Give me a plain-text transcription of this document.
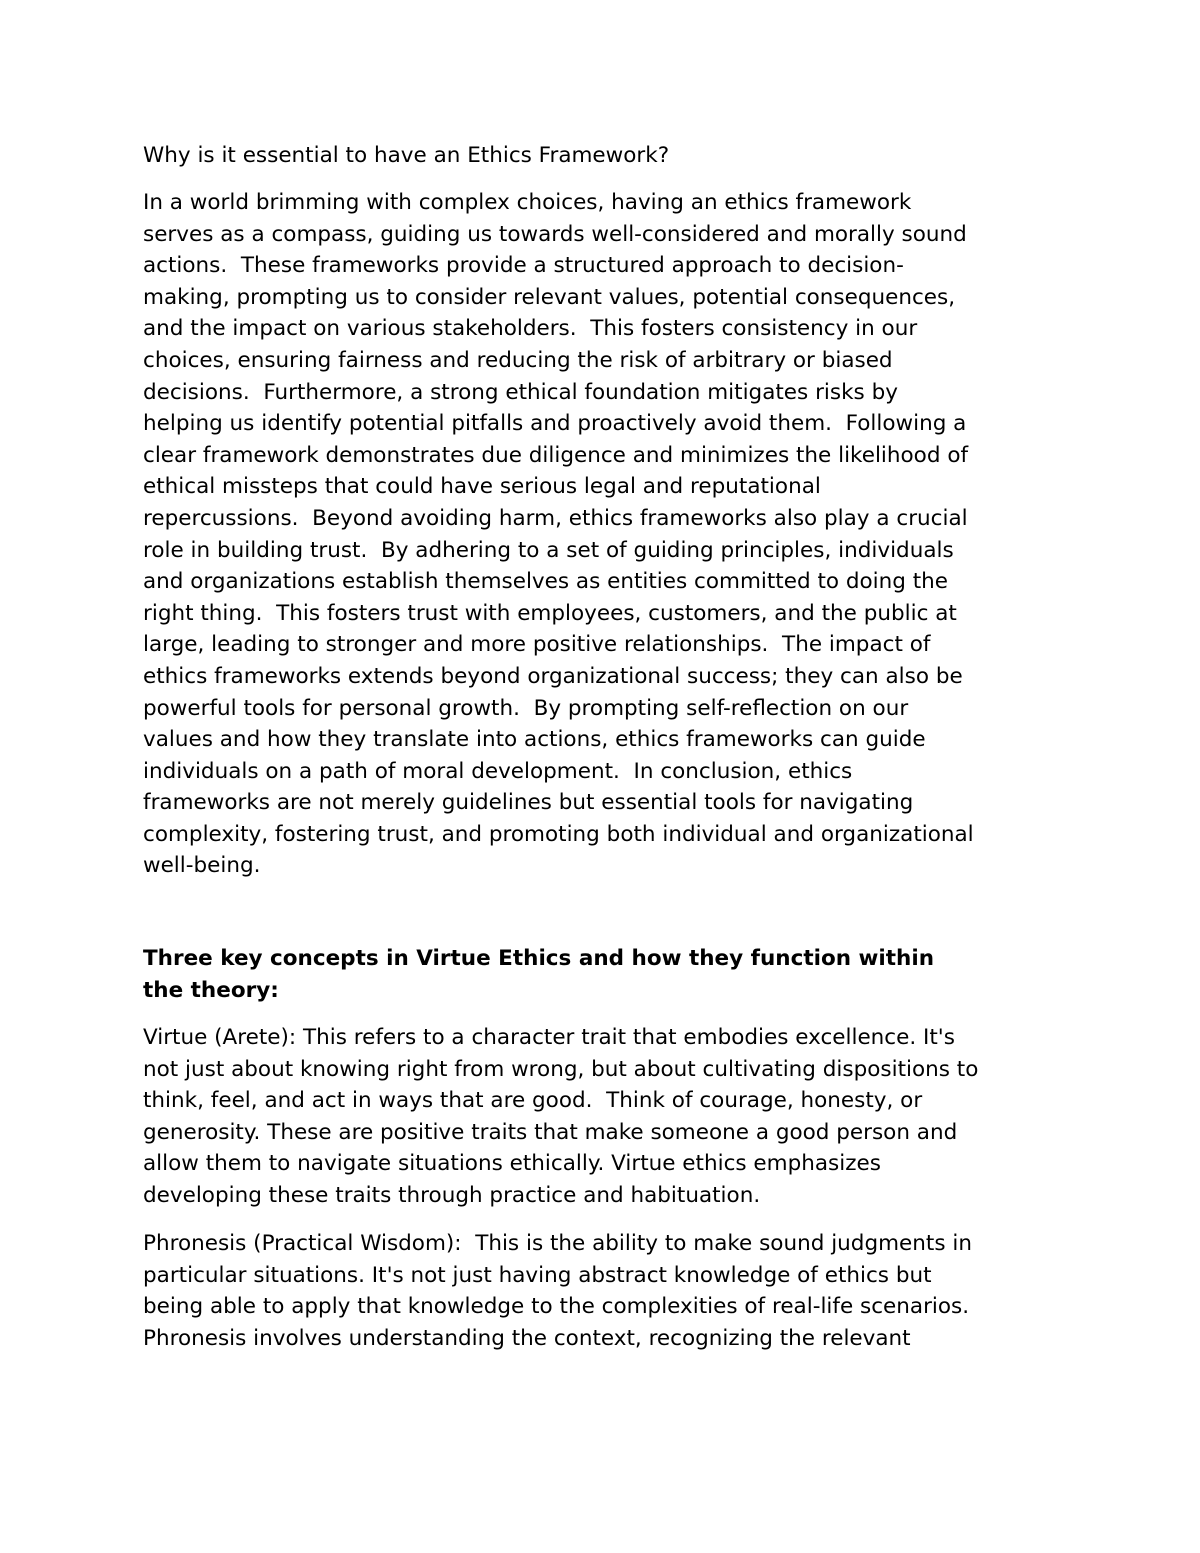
Why is it essential to have an Ethics Framework?
In a world brimming with complex choices, having an ethics framework
serves as a compass, guiding us towards well-considered and morally sound
actions.  These frameworks provide a structured approach to decision-
making, prompting us to consider relevant values, potential consequences,
and the impact on various stakeholders.  This fosters consistency in our
choices, ensuring fairness and reducing the risk of arbitrary or biased
decisions.  Furthermore, a strong ethical foundation mitigates risks by
helping us identify potential pitfalls and proactively avoid them.  Following a
clear framework demonstrates due diligence and minimizes the likelihood of
ethical missteps that could have serious legal and reputational
repercussions.  Beyond avoiding harm, ethics frameworks also play a crucial
role in building trust.  By adhering to a set of guiding principles, individuals
and organizations establish themselves as entities committed to doing the
right thing.  This fosters trust with employees, customers, and the public at
large, leading to stronger and more positive relationships.  The impact of
ethics frameworks extends beyond organizational success; they can also be
powerful tools for personal growth.  By prompting self-reflection on our
values and how they translate into actions, ethics frameworks can guide
individuals on a path of moral development.  In conclusion, ethics
frameworks are not merely guidelines but essential tools for navigating
complexity, fostering trust, and promoting both individual and organizational
well-being.
Three key concepts in Virtue Ethics and how they function within
the theory:
Virtue (Arete): This refers to a character trait that embodies excellence. It's
not just about knowing right from wrong, but about cultivating dispositions to
think, feel, and act in ways that are good.  Think of courage, honesty, or
generosity. These are positive traits that make someone a good person and
allow them to navigate situations ethically. Virtue ethics emphasizes
developing these traits through practice and habituation.
Phronesis (Practical Wisdom):  This is the ability to make sound judgments in
particular situations. It's not just having abstract knowledge of ethics but
being able to apply that knowledge to the complexities of real-life scenarios.
Phronesis involves understanding the context, recognizing the relevant
